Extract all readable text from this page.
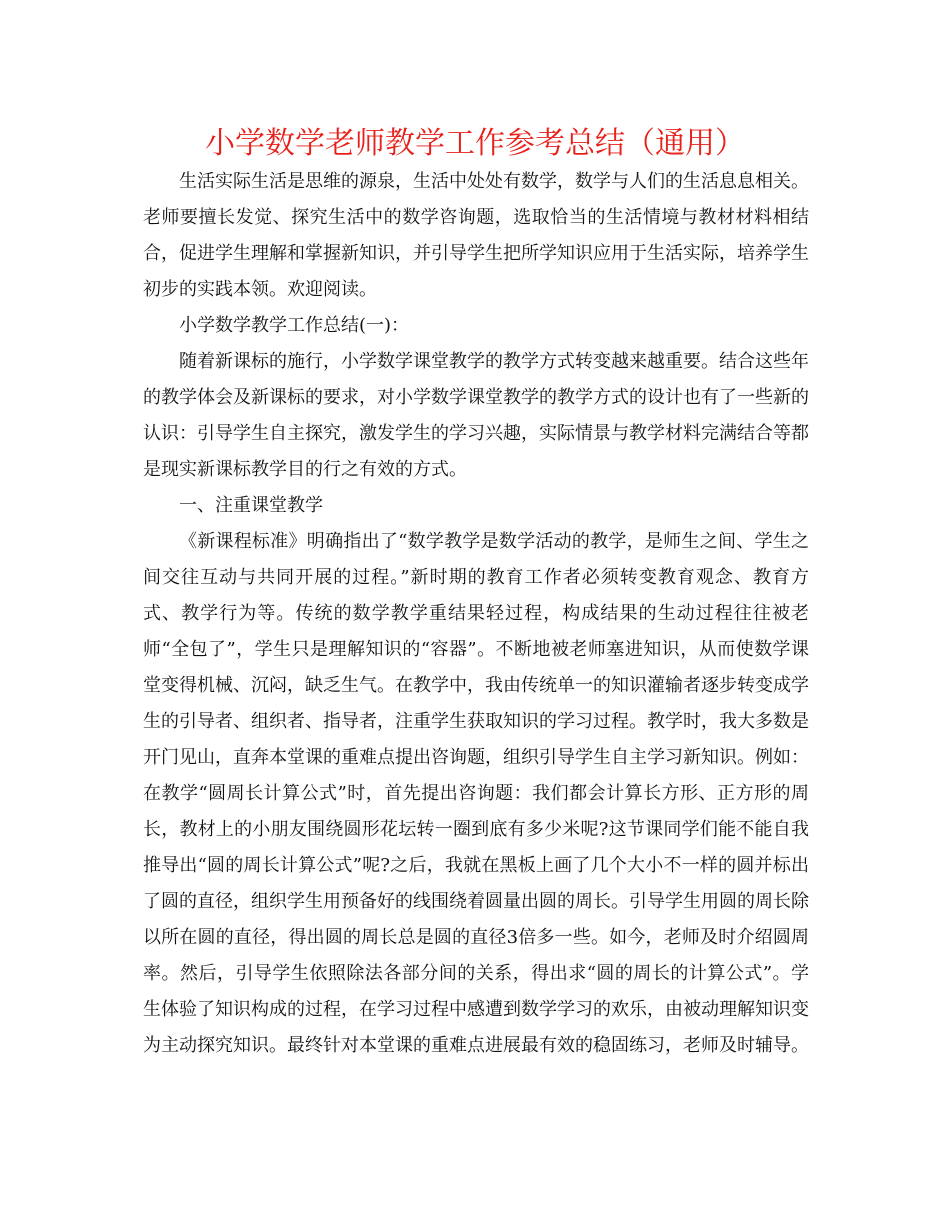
小学数学老师教学工作参考总结（通用）

生活实际生活是思维的源泉，生活中处处有数学，数学与人们的生活息息相关。老师要擅长发觉、探究生活中的数学咨询题，选取恰当的生活情境与教材材料相结合，促进学生理解和掌握新知识，并引导学生把所学知识应用于生活实际，培养学生初步的实践本领。欢迎阅读。

小学数学教学工作总结(一)：

随着新课标的施行，小学数学课堂教学的教学方式转变越来越重要。结合这些年的教学体会及新课标的要求，对小学数学课堂教学的教学方式的设计也有了一些新的认识：引导学生自主探究，激发学生的学习兴趣，实际情景与教学材料完满结合等都是现实新课标教学目的行之有效的方式。

一、注重课堂教学

《新课程标准》明确指出了“数学教学是数学活动的教学，是师生之间、学生之间交往互动与共同开展的过程。”新时期的教育工作者必须转变教育观念、教育方式、教学行为等。传统的数学教学重结果轻过程，构成结果的生动过程往往被老师“全包了”，学生只是理解知识的“容器”。不断地被老师塞进知识，从而使数学课堂变得机械、沉闷，缺乏生气。在教学中，我由传统单一的知识灌输者逐步转变成学生的引导者、组织者、指导者，注重学生获取知识的学习过程。教学时，我大多数是开门见山，直奔本堂课的重难点提出咨询题，组织引导学生自主学习新知识。例如：在教学“圆周长计算公式”时，首先提出咨询题：我们都会计算长方形、正方形的周长，教材上的小朋友围绕圆形花坛转一圈到底有多少米呢?这节课同学们能不能自我推导出“圆的周长计算公式”呢?之后，我就在黑板上画了几个大小不一样的圆并标出了圆的直径，组织学生用预备好的线围绕着圆量出圆的周长。引导学生用圆的周长除以所在圆的直径，得出圆的周长总是圆的直径3倍多一些。如今，老师及时介绍圆周率。然后，引导学生依照除法各部分间的关系，得出求“圆的周长的计算公式”。学生体验了知识构成的过程，在学习过程中感遭到数学学习的欢乐，由被动理解知识变为主动探究知识。最终针对本堂课的重难点进展最有效的稳固练习，老师及时辅导。
